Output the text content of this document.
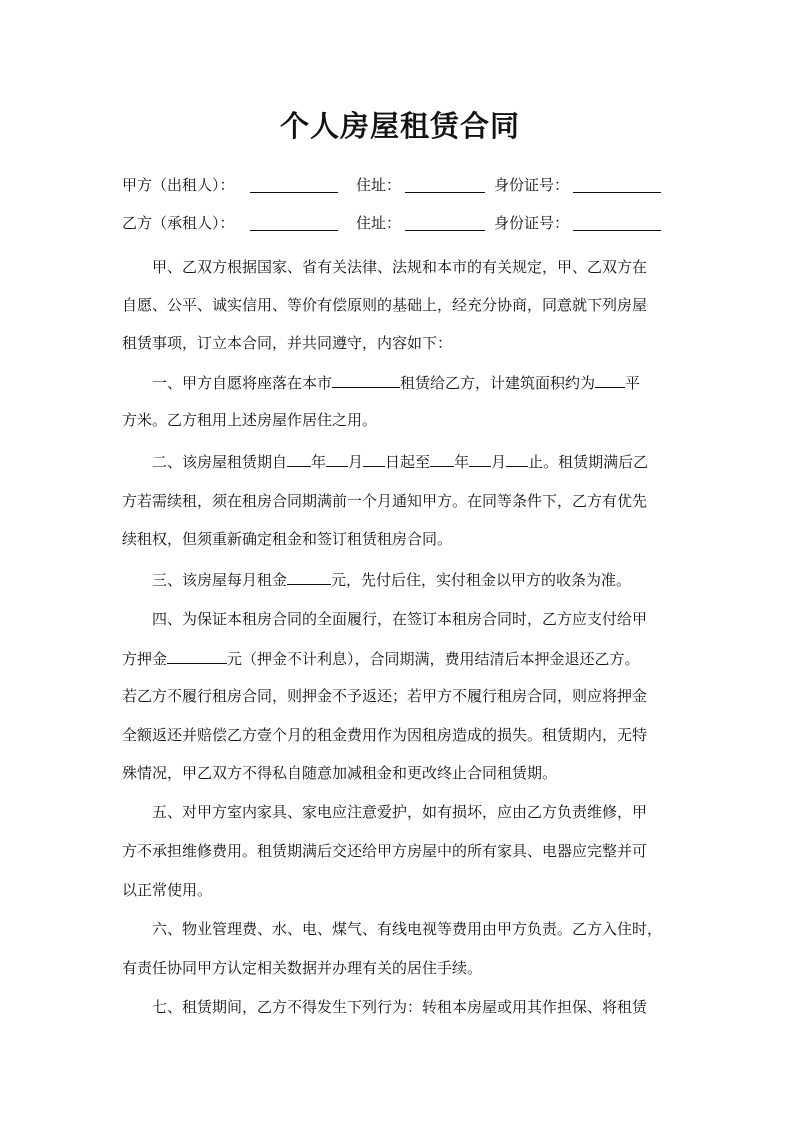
个人房屋租赁合同
甲方（出租人）：	住址：	身份证号：
乙方（承租人）：	住址：	身份证号：
　　甲、乙双方根据国家、省有关法律、法规和本市的有关规定，甲、乙双方在
自愿、公平、诚实信用、等价有偿原则的基础上，经充分协商，同意就下列房屋
租赁事项，订立本合同，并共同遵守，内容如下：
　　一、甲方自愿将座落在本市	租赁给乙方，计建筑面积约为 平
方米。乙方租用上述房屋作居住之用。
　　二、该房屋租赁期自 年 月 日起至 年 月 止。租赁期满后乙
方若需续租，须在租房合同期满前一个月通知甲方。在同等条件下，乙方有优先
续租权，但须重新确定租金和签订租赁租房合同。
　　三、该房屋每月租金	元，先付后住，实付租金以甲方的收条为准。
　　四、为保证本租房合同的全面履行，在签订本租房合同时，乙方应支付给甲
方押金	元（押金不计利息），合同期满，费用结清后本押金退还乙方。
若乙方不履行租房合同，则押金不予返还；若甲方不履行租房合同，则应将押金
全额返还并赔偿乙方壹个月的租金费用作为因租房造成的损失。租赁期内，无特
殊情况，甲乙双方不得私自随意加减租金和更改终止合同租赁期。
　　五、对甲方室内家具、家电应注意爱护，如有损坏，应由乙方负责维修，甲
方不承担维修费用。租赁期满后交还给甲方房屋中的所有家具、电器应完整并可
以正常使用。
　　六、物业管理费、水、电、煤气、有线电视等费用由甲方负责。乙方入住时，
有责任协同甲方认定相关数据并办理有关的居住手续。
　　七、租赁期间，乙方不得发生下列行为：转租本房屋或用其作担保、将租赁
